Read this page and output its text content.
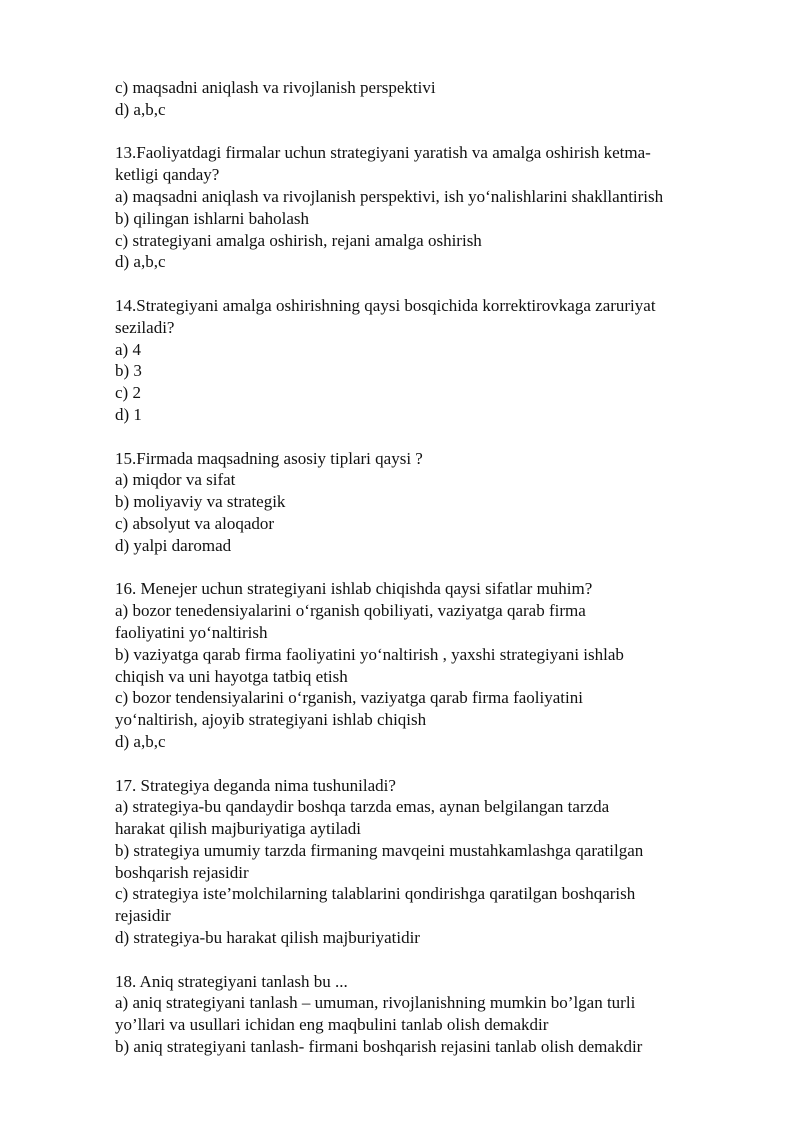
c) maqsadni aniqlash va rivojlanish perspektivi
d) a,b,c
13.Faoliyatdagi firmalar uchun strategiyani yaratish va amalga oshirish ketma-
ketligi qanday?
a) maqsadni aniqlash va rivojlanish perspektivi, ish yo‘nalishlarini shakllantirish
b) qilingan ishlarni baholash
c) strategiyani amalga oshirish, rejani amalga oshirish
d) a,b,c
14.Strategiyani amalga oshirishning qaysi bosqichida korrektirovkaga zaruriyat
seziladi?
a) 4
b) 3
c) 2
d) 1
15.Firmada maqsadning asosiy tiplari qaysi ?
a) miqdor va sifat
b) moliyaviy va strategik
c) absolyut va aloqador
d) yalpi daromad
16. Menejer uchun strategiyani ishlab chiqishda qaysi sifatlar muhim?
a) bozor tenedensiyalarini o‘rganish qobiliyati, vaziyatga qarab firma
faoliyatini yo‘naltirish
b) vaziyatga qarab firma faoliyatini yo‘naltirish , yaxshi strategiyani ishlab
chiqish va uni hayotga tatbiq etish
c) bozor tendensiyalarini o‘rganish, vaziyatga qarab firma faoliyatini
yo‘naltirish, ajoyib strategiyani ishlab chiqish
d) a,b,c
17. Strategiya deganda nima tushuniladi?
a) strategiya-bu qandaydir boshqa tarzda emas, aynan belgilangan tarzda
harakat qilish majburiyatiga aytiladi
b) strategiya umumiy tarzda firmaning mavqeini mustahkamlashga qaratilgan
boshqarish rejasidir
c) strategiya iste’molchilarning talablarini qondirishga qaratilgan boshqarish
rejasidir
d) strategiya-bu harakat qilish majburiyatidir
18. Aniq strategiyani tanlash bu ...
a) aniq strategiyani tanlash – umuman, rivojlanishning mumkin bo’lgan turli
yo’llari va usullari ichidan eng maqbulini tanlab olish demakdir
b) aniq strategiyani tanlash- firmani boshqarish rejasini tanlab olish demakdir
